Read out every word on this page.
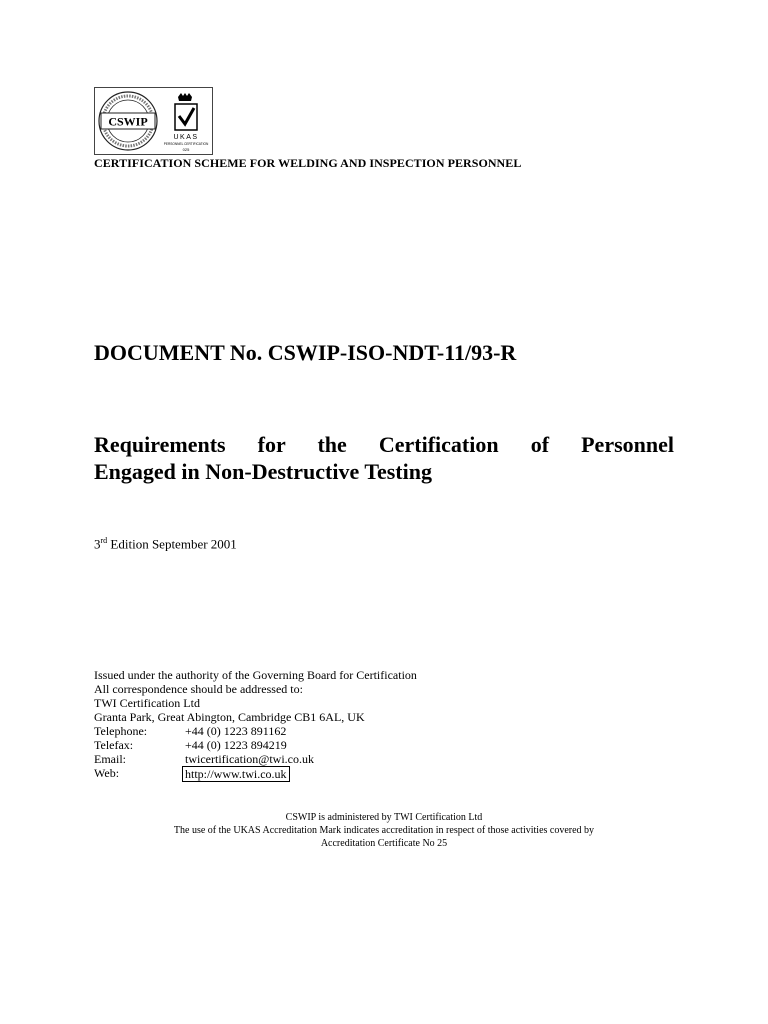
CSWIP
UKAS
PERSONNEL CERTIFICATION
025
CERTIFICATION SCHEME FOR WELDING AND INSPECTION PERSONNEL
DOCUMENT No. CSWIP-ISO-NDT-11/93-R
Requirements for the Certification of Personnel
Engaged in Non-Destructive Testing
3rd Edition September 2001
Issued under the authority of the Governing Board for Certification
All correspondence should be addressed to:
TWI Certification Ltd
Granta Park, Great Abington, Cambridge CB1 6AL, UK
Telephone:	+44 (0) 1223 891162
Telefax:	+44 (0) 1223 894219
Email:	twicertification@twi.co.uk
Web:	http://www.twi.co.uk
CSWIP is administered by TWI Certification Ltd
The use of the UKAS Accreditation Mark indicates accreditation in respect of those activities covered by
Accreditation Certificate No 25
